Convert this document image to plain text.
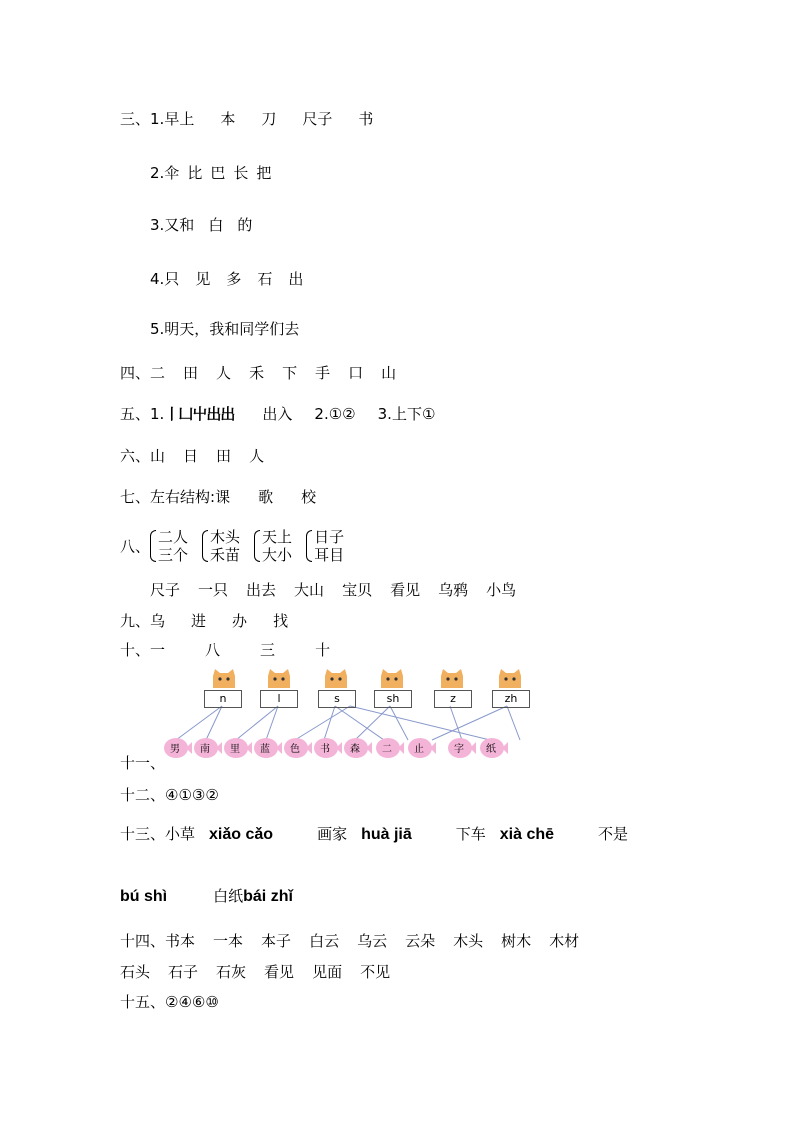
三、1.早上 本 刀 尺子 书
2.伞 比 巴 长 把
3.又和 白 的
4.只 见 多 石 出
5.明天，我和同学们去
四、二 田 人 禾 下 手 口 山
五、1.丨凵屮出出 出入 2.①② 3.上下①
六、山 日 田 人
七、左右结构:课 歌 校
八、
二人
三个
木头
禾苗
天上
大小
日子
耳目
尺子 一只 出去 大山 宝贝 看见 乌鸦 小鸟
九、乌 进 办 找
十、一	八	三	十
n	l	s	sh	z	zh
男	南	里	蓝	色	书	森	二	止	字	纸
十一、
十二、④①③②
十三、小草 xiǎo cǎo	画家 huà jiā	下车 xià chē	不是
bú shì	白纸bái zhǐ
十四、书本 一本 本子 白云 乌云 云朵 木头 树木 木材
石头 石子 石灰 看见 见面 不见
十五、②④⑥⑩
